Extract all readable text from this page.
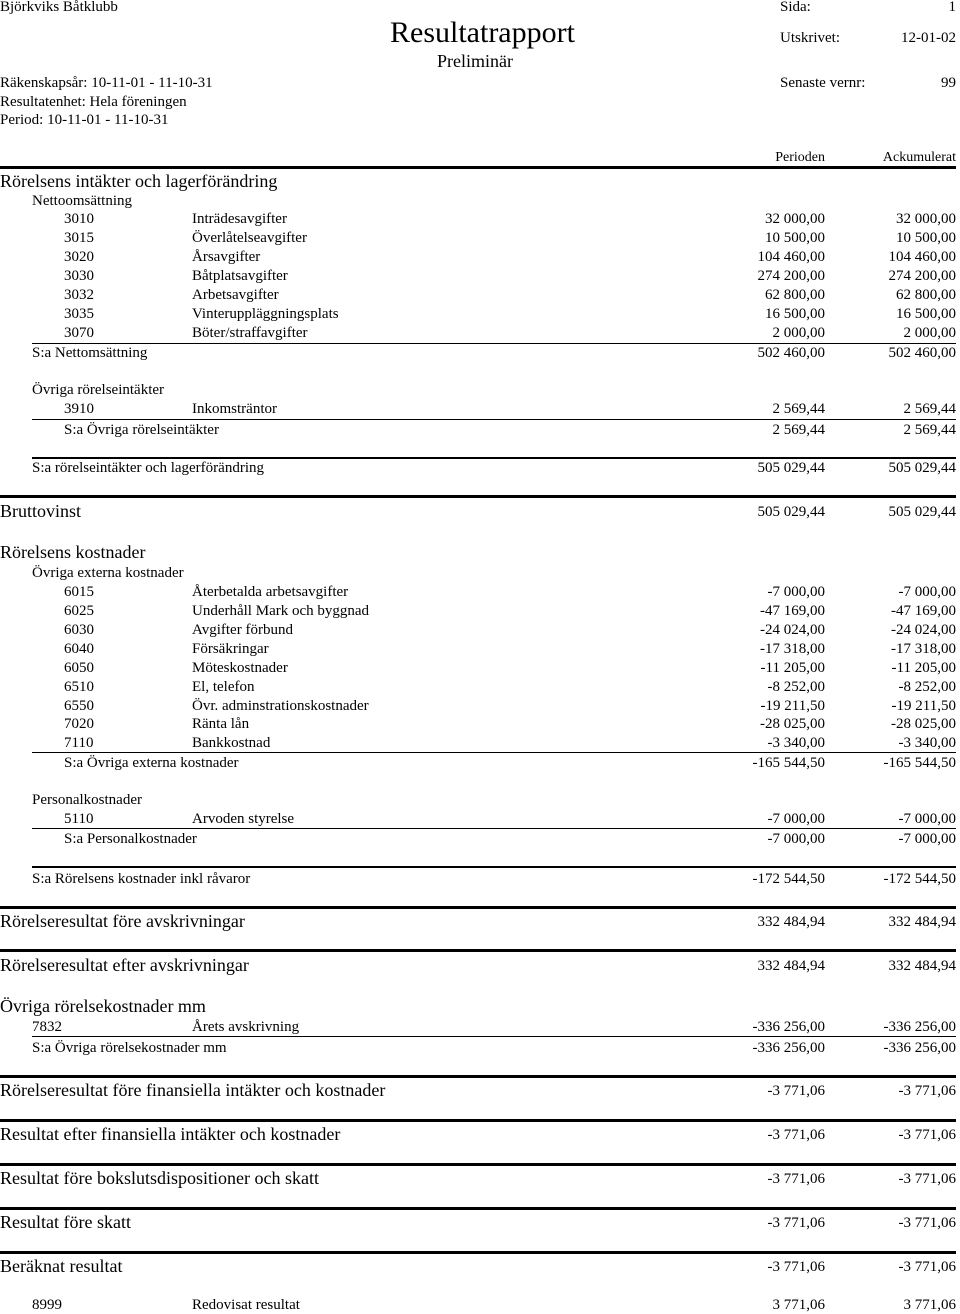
Björkviks Båtklubb
Resultatrapport
Preliminär
Sida:	1
Utskrivet:	12-01-02
Räkenskapsår: 10-11-01 - 11-10-31	Senaste vernr:	99
Resultatenhet: Hela föreningen
Period: 10-11-01 - 11-10-31
Perioden	Ackumulerat
Rörelsens intäkter och lagerförändring
Nettoomsättning
3010	Inträdesavgifter	32 000,00	32 000,00
3015	Överlåtelseavgifter	10 500,00	10 500,00
3020	Årsavgifter	104 460,00	104 460,00
3030	Båtplatsavgifter	274 200,00	274 200,00
3032	Arbetsavgifter	62 800,00	62 800,00
3035	Vinteruppläggningsplats	16 500,00	16 500,00
3070	Böter/straffavgifter	2 000,00	2 000,00
S:a Nettomsättning	502 460,00	502 460,00
Övriga rörelseintäkter
3910	Inkomsträntor	2 569,44	2 569,44
S:a Övriga rörelseintäkter	2 569,44	2 569,44
S:a rörelseintäkter och lagerförändring	505 029,44	505 029,44
Bruttovinst	505 029,44	505 029,44
Rörelsens kostnader
Övriga externa kostnader
6015	Återbetalda arbetsavgifter	-7 000,00	-7 000,00
6025	Underhåll Mark och byggnad	-47 169,00	-47 169,00
6030	Avgifter förbund	-24 024,00	-24 024,00
6040	Försäkringar	-17 318,00	-17 318,00
6050	Möteskostnader	-11 205,00	-11 205,00
6510	El, telefon	-8 252,00	-8 252,00
6550	Övr. adminstrationskostnader	-19 211,50	-19 211,50
7020	Ränta lån	-28 025,00	-28 025,00
7110	Bankkostnad	-3 340,00	-3 340,00
S:a Övriga externa kostnader	-165 544,50	-165 544,50
Personalkostnader
5110	Arvoden styrelse	-7 000,00	-7 000,00
S:a Personalkostnader	-7 000,00	-7 000,00
S:a Rörelsens kostnader inkl råvaror	-172 544,50	-172 544,50
Rörelseresultat före avskrivningar	332 484,94	332 484,94
Rörelseresultat efter avskrivningar	332 484,94	332 484,94
Övriga rörelsekostnader mm
7832	Årets avskrivning	-336 256,00	-336 256,00
S:a Övriga rörelsekostnader mm	-336 256,00	-336 256,00
Rörelseresultat före finansiella intäkter och kostnader	-3 771,06	-3 771,06
Resultat efter finansiella intäkter och kostnader	-3 771,06	-3 771,06
Resultat före bokslutsdispositioner och skatt	-3 771,06	-3 771,06
Resultat före skatt	-3 771,06	-3 771,06
Beräknat resultat	-3 771,06	-3 771,06
8999	Redovisat resultat	3 771,06	3 771,06
